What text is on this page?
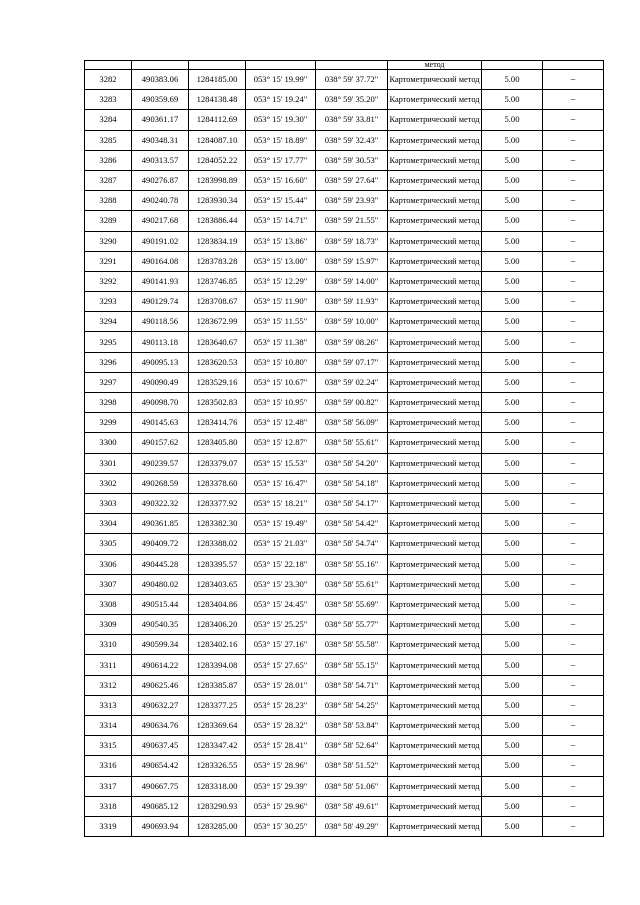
					метод		
3282	490383.06	1284185.00	053° 15' 19.99"	038° 59' 37.72"	Картометрический метод	5.00	–
3283	490359.69	1284138.48	053° 15' 19.24"	038° 59' 35.20"	Картометрический метод	5.00	–
3284	490361.17	1284112.69	053° 15' 19.30"	038° 59' 33.81"	Картометрический метод	5.00	–
3285	490348.31	1284087.10	053° 15' 18.89"	038° 59' 32.43"	Картометрический метод	5.00	–
3286	490313.57	1284052.22	053° 15' 17.77"	038° 59' 30.53"	Картометрический метод	5.00	–
3287	490276.87	1283998.89	053° 15' 16.60"	038° 59' 27.64"	Картометрический метод	5.00	–
3288	490240.78	1283930.34	053° 15' 15.44"	038° 59' 23.93"	Картометрический метод	5.00	–
3289	490217.68	1283886.44	053° 15' 14.71"	038° 59' 21.55"	Картометрический метод	5.00	–
3290	490191.02	1283834.19	053° 15' 13.86"	038° 59' 18.73"	Картометрический метод	5.00	–
3291	490164.08	1283783.28	053° 15' 13.00"	038° 59' 15.97"	Картометрический метод	5.00	–
3292	490141.93	1283746.85	053° 15' 12.29"	038° 59' 14.00"	Картометрический метод	5.00	–
3293	490129.74	1283708.67	053° 15' 11.90"	038° 59' 11.93"	Картометрический метод	5.00	–
3294	490118.56	1283672.99	053° 15' 11.55"	038° 59' 10.00"	Картометрический метод	5.00	–
3295	490113.18	1283640.67	053° 15' 11.38"	038° 59' 08.26"	Картометрический метод	5.00	–
3296	490095.13	1283620.53	053° 15' 10.80"	038° 59' 07.17"	Картометрический метод	5.00	–
3297	490090.49	1283529.16	053° 15' 10.67"	038° 59' 02.24"	Картометрический метод	5.00	–
3298	490098.70	1283502.83	053° 15' 10.95"	038° 59' 00.82"	Картометрический метод	5.00	–
3299	490145.63	1283414.76	053° 15' 12.48"	038° 58' 56.09"	Картометрический метод	5.00	–
3300	490157.62	1283405.80	053° 15' 12.87"	038° 58' 55.61"	Картометрический метод	5.00	–
3301	490239.57	1283379.07	053° 15' 15.53"	038° 58' 54.20"	Картометрический метод	5.00	–
3302	490268.59	1283378.60	053° 15' 16.47"	038° 58' 54.18"	Картометрический метод	5.00	–
3303	490322.32	1283377.92	053° 15' 18.21"	038° 58' 54.17"	Картометрический метод	5.00	–
3304	490361.85	1283382.30	053° 15' 19.49"	038° 58' 54.42"	Картометрический метод	5.00	–
3305	490409.72	1283388.02	053° 15' 21.03"	038° 58' 54.74"	Картометрический метод	5.00	–
3306	490445.28	1283395.57	053° 15' 22.18"	038° 58' 55.16"	Картометрический метод	5.00	–
3307	490480.02	1283403.65	053° 15' 23.30"	038° 58' 55.61"	Картометрический метод	5.00	–
3308	490515.44	1283404.86	053° 15' 24.45"	038° 58' 55.69"	Картометрический метод	5.00	–
3309	490540.35	1283406.20	053° 15' 25.25"	038° 58' 55.77"	Картометрический метод	5.00	–
3310	490599.34	1283402.16	053° 15' 27.16"	038° 58' 55.58"	Картометрический метод	5.00	–
3311	490614.22	1283394.08	053° 15' 27.65"	038° 58' 55.15"	Картометрический метод	5.00	–
3312	490625.46	1283385.87	053° 15' 28.01"	038° 58' 54.71"	Картометрический метод	5.00	–
3313	490632.27	1283377.25	053° 15' 28.23"	038° 58' 54.25"	Картометрический метод	5.00	–
3314	490634.76	1283369.64	053° 15' 28.32"	038° 58' 53.84"	Картометрический метод	5.00	–
3315	490637.45	1283347.42	053° 15' 28.41"	038° 58' 52.64"	Картометрический метод	5.00	–
3316	490654.42	1283326.55	053° 15' 28.96"	038° 58' 51.52"	Картометрический метод	5.00	–
3317	490667.75	1283318.00	053° 15' 29.39"	038° 58' 51.06"	Картометрический метод	5.00	–
3318	490685.12	1283290.93	053° 15' 29.96"	038° 58' 49.61"	Картометрический метод	5.00	–
3319	490693.94	1283285.00	053° 15' 30.25"	038° 58' 49.29"	Картометрический метод	5.00	–
